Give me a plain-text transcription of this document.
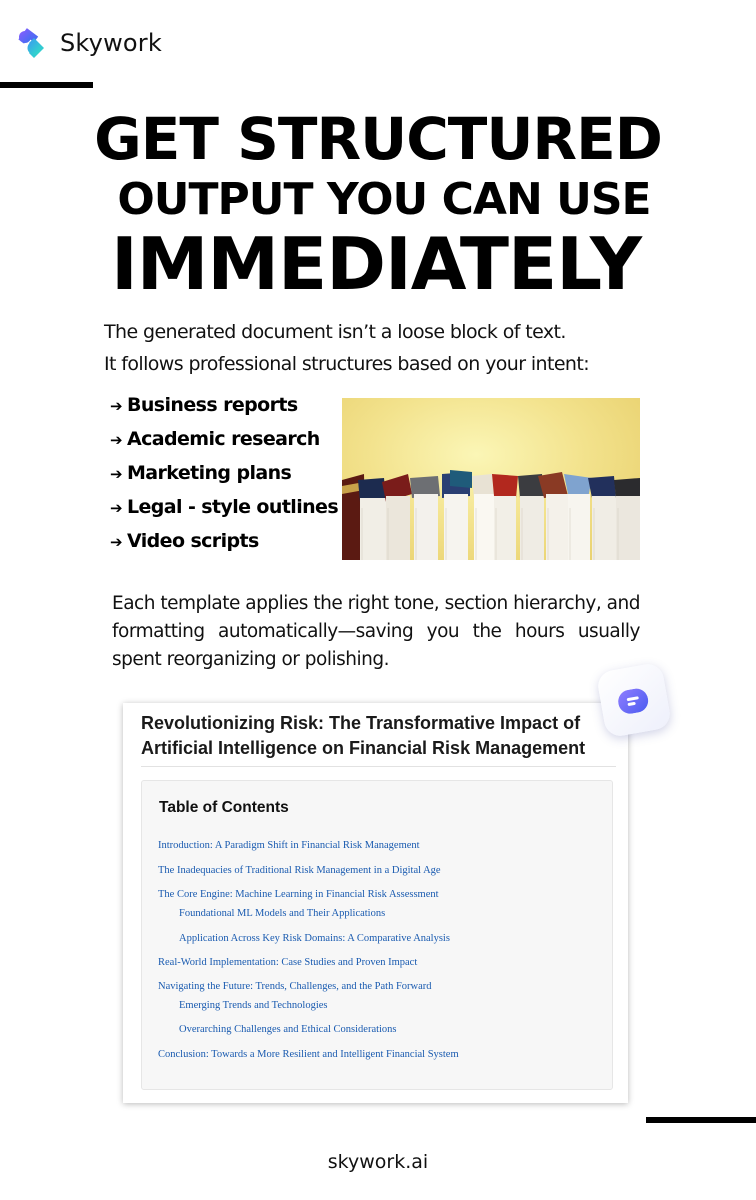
Skywork
GET STRUCTURED
OUTPUT YOU CAN USE
IMMEDIATELY
The generated document isn’t a loose block of text.
It follows professional structures based on your intent:
➔ Business reports
➔ Academic research
➔ Marketing plans
➔ Legal - style outlines
➔ Video scripts
Each template applies the right tone, section hierarchy, and formatting automatically—saving you the hours usually spent reorganizing or polishing.
Revolutionizing Risk: The Transformative Impact of Artificial Intelligence on Financial Risk Management
Table of Contents
Introduction: A Paradigm Shift in Financial Risk Management
The Inadequacies of Traditional Risk Management in a Digital Age
The Core Engine: Machine Learning in Financial Risk Assessment
Foundational ML Models and Their Applications
Application Across Key Risk Domains: A Comparative Analysis
Real-World Implementation: Case Studies and Proven Impact
Navigating the Future: Trends, Challenges, and the Path Forward
Emerging Trends and Technologies
Overarching Challenges and Ethical Considerations
Conclusion: Towards a More Resilient and Intelligent Financial System
skywork.ai
